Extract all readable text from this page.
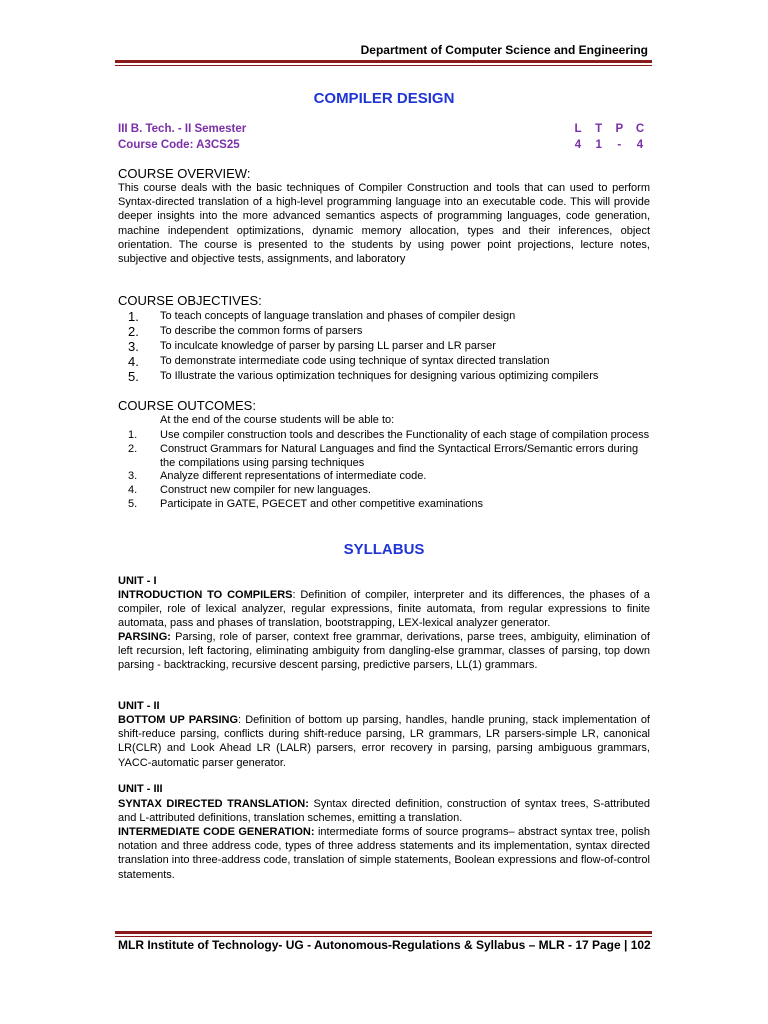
Department of Computer Science and Engineering
COMPILER DESIGN
III B. Tech. - II Semester	L	T	P	C
Course Code: A3CS25	4	1	-	4
COURSE OVERVIEW:
This course deals with the basic techniques of Compiler Construction and tools that can used to perform Syntax-directed translation of a high-level programming language into an executable code. This will provide deeper insights into the more advanced semantics aspects of programming languages, code generation, machine independent optimizations, dynamic memory allocation, types and their inferences, object orientation. The course is presented to the students by using power point projections, lecture notes, subjective and objective tests, assignments, and laboratory
COURSE OBJECTIVES:
1. To teach concepts of language translation and phases of compiler design
2. To describe the common forms of parsers
3. To inculcate knowledge of parser by parsing LL parser and LR parser
4. To demonstrate intermediate code using technique of syntax directed translation
5. To Illustrate the various optimization techniques for designing various optimizing compilers
COURSE OUTCOMES:
At the end of the course students will be able to:
1. Use compiler construction tools and describes the Functionality of each stage of compilation process
2. Construct Grammars for Natural Languages and find the Syntactical Errors/Semantic errors during the compilations using parsing techniques
3. Analyze different representations of intermediate code.
4. Construct new compiler for new languages.
5. Participate in GATE, PGECET and other competitive examinations
SYLLABUS
UNIT - I
INTRODUCTION TO COMPILERS: Definition of compiler, interpreter and its differences, the phases of a compiler, role of lexical analyzer, regular expressions, finite automata, from regular expressions to finite automata, pass and phases of translation, bootstrapping, LEX-lexical analyzer generator.
PARSING: Parsing, role of parser, context free grammar, derivations, parse trees, ambiguity, elimination of left recursion, left factoring, eliminating ambiguity from dangling-else grammar, classes of parsing, top down parsing - backtracking, recursive descent parsing, predictive parsers, LL(1) grammars.
UNIT - II
BOTTOM UP PARSING: Definition of bottom up parsing, handles, handle pruning, stack implementation of shift-reduce parsing, conflicts during shift-reduce parsing, LR grammars, LR parsers-simple LR, canonical LR(CLR) and Look Ahead LR (LALR) parsers, error recovery in parsing, parsing ambiguous grammars, YACC-automatic parser generator.
UNIT - III
SYNTAX DIRECTED TRANSLATION: Syntax directed definition, construction of syntax trees, S-attributed and L-attributed definitions, translation schemes, emitting a translation.
INTERMEDIATE CODE GENERATION: intermediate forms of source programs– abstract syntax tree, polish notation and three address code, types of three address statements and its implementation, syntax directed translation into three-address code, translation of simple statements, Boolean expressions and flow-of-control statements.
MLR Institute of Technology- UG - Autonomous-Regulations & Syllabus – MLR - 17 Page | 102
